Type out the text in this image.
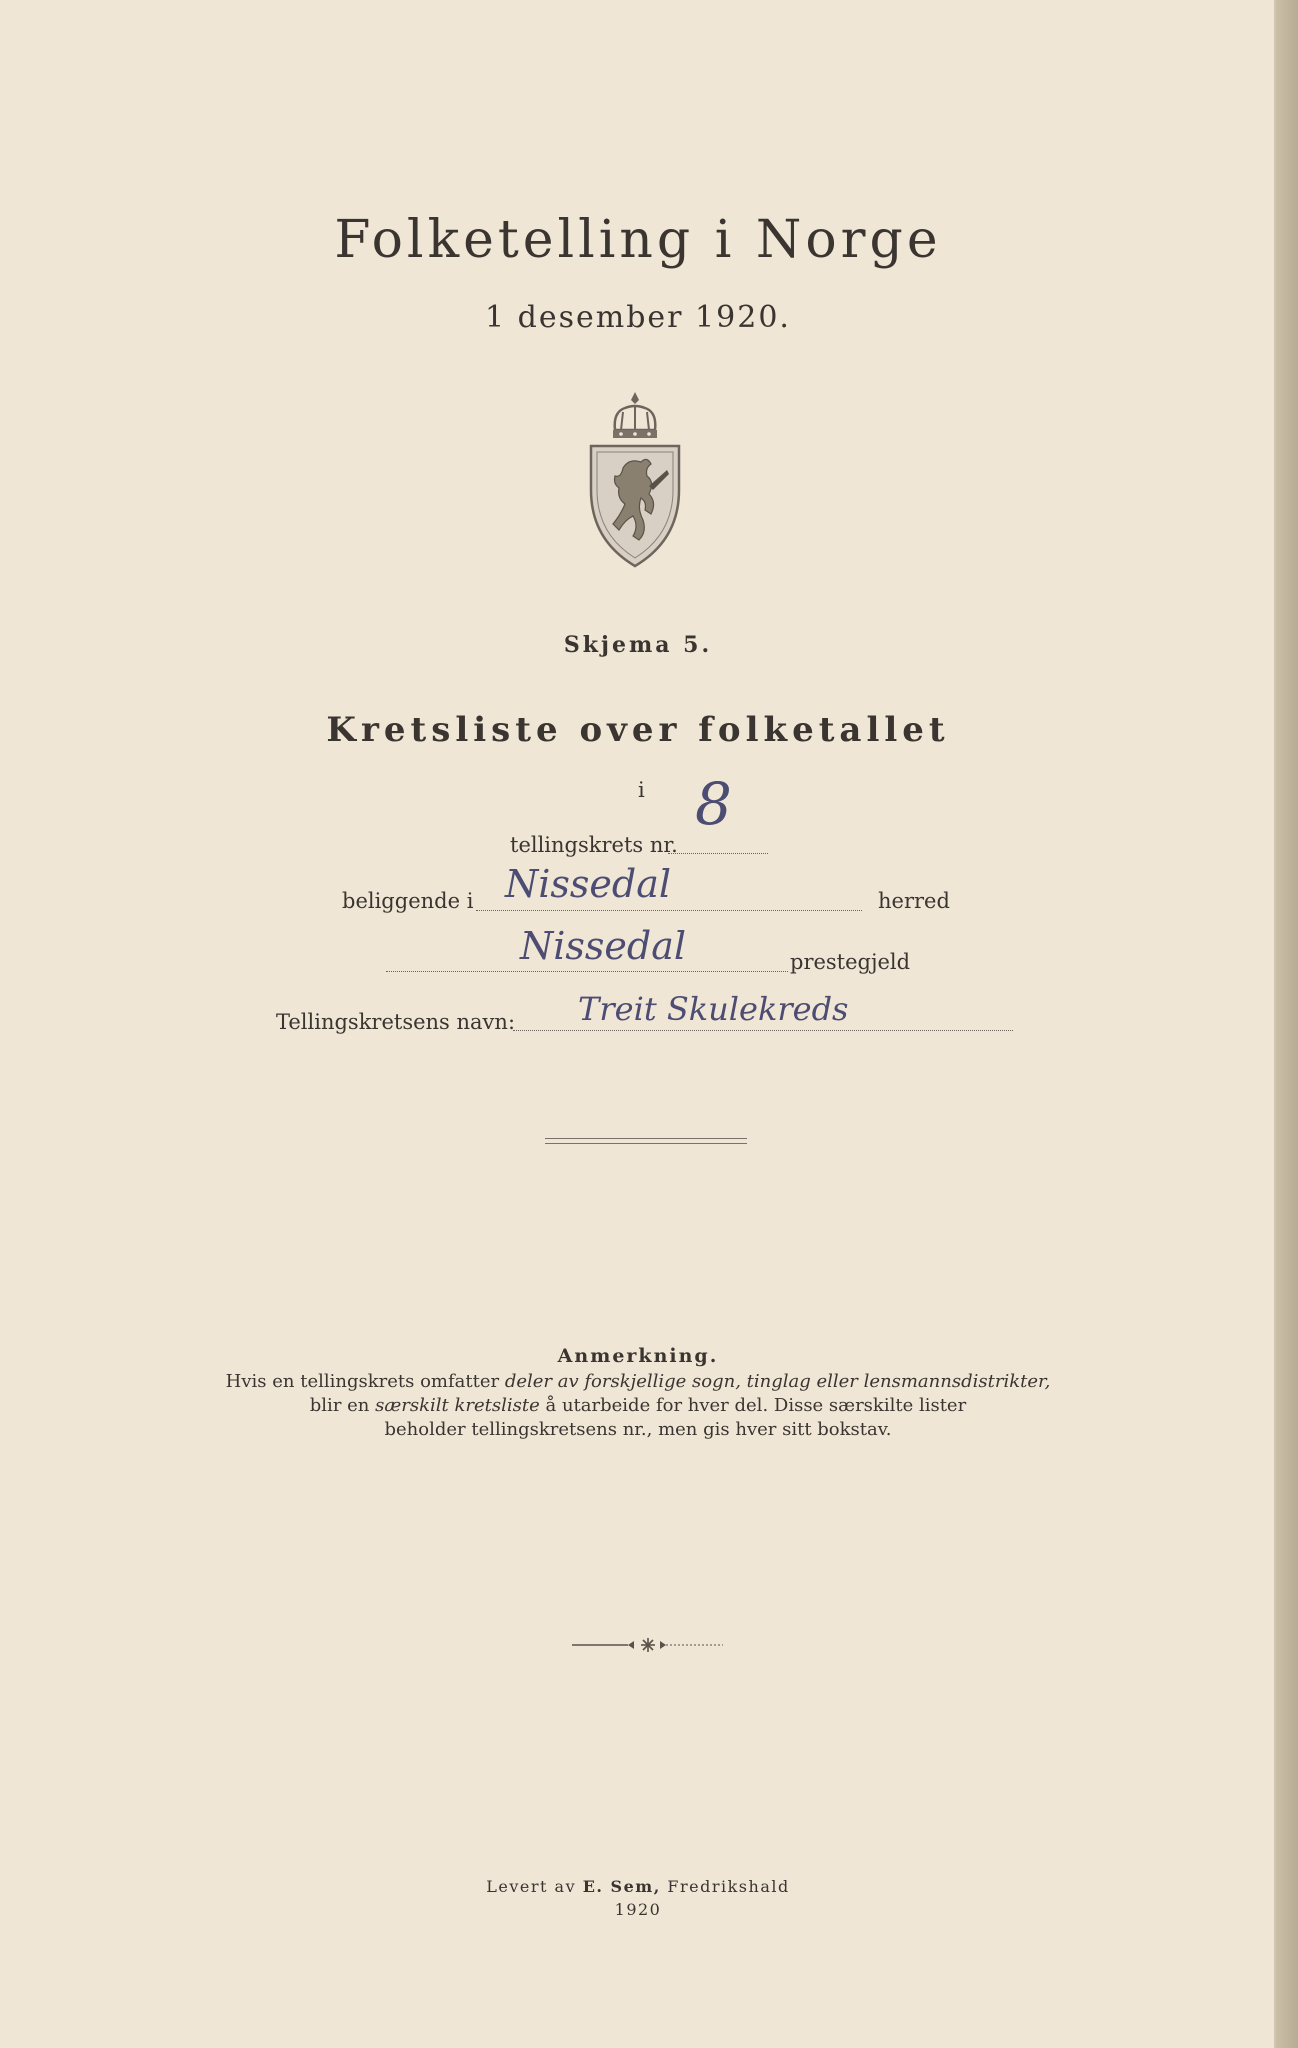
Folketelling i Norge
1 desember 1920.
Skjema 5.
Kretsliste over folketallet
i
tellingskrets nr.
8
beliggende i Nissedal	herred
Nissedal	prestegjeld
Tellingskretsens navn: Treit Skulekreds
Anmerkning.
Hvis en tellingskrets omfatter deler av forskjellige sogn, tinglag eller lensmannsdistrikter,
blir en særskilt kretsliste å utarbeide for hver del. Disse særskilte lister
beholder tellingskretsens nr., men gis hver sitt bokstav.
Levert av E. Sem, Fredrikshald
1920
